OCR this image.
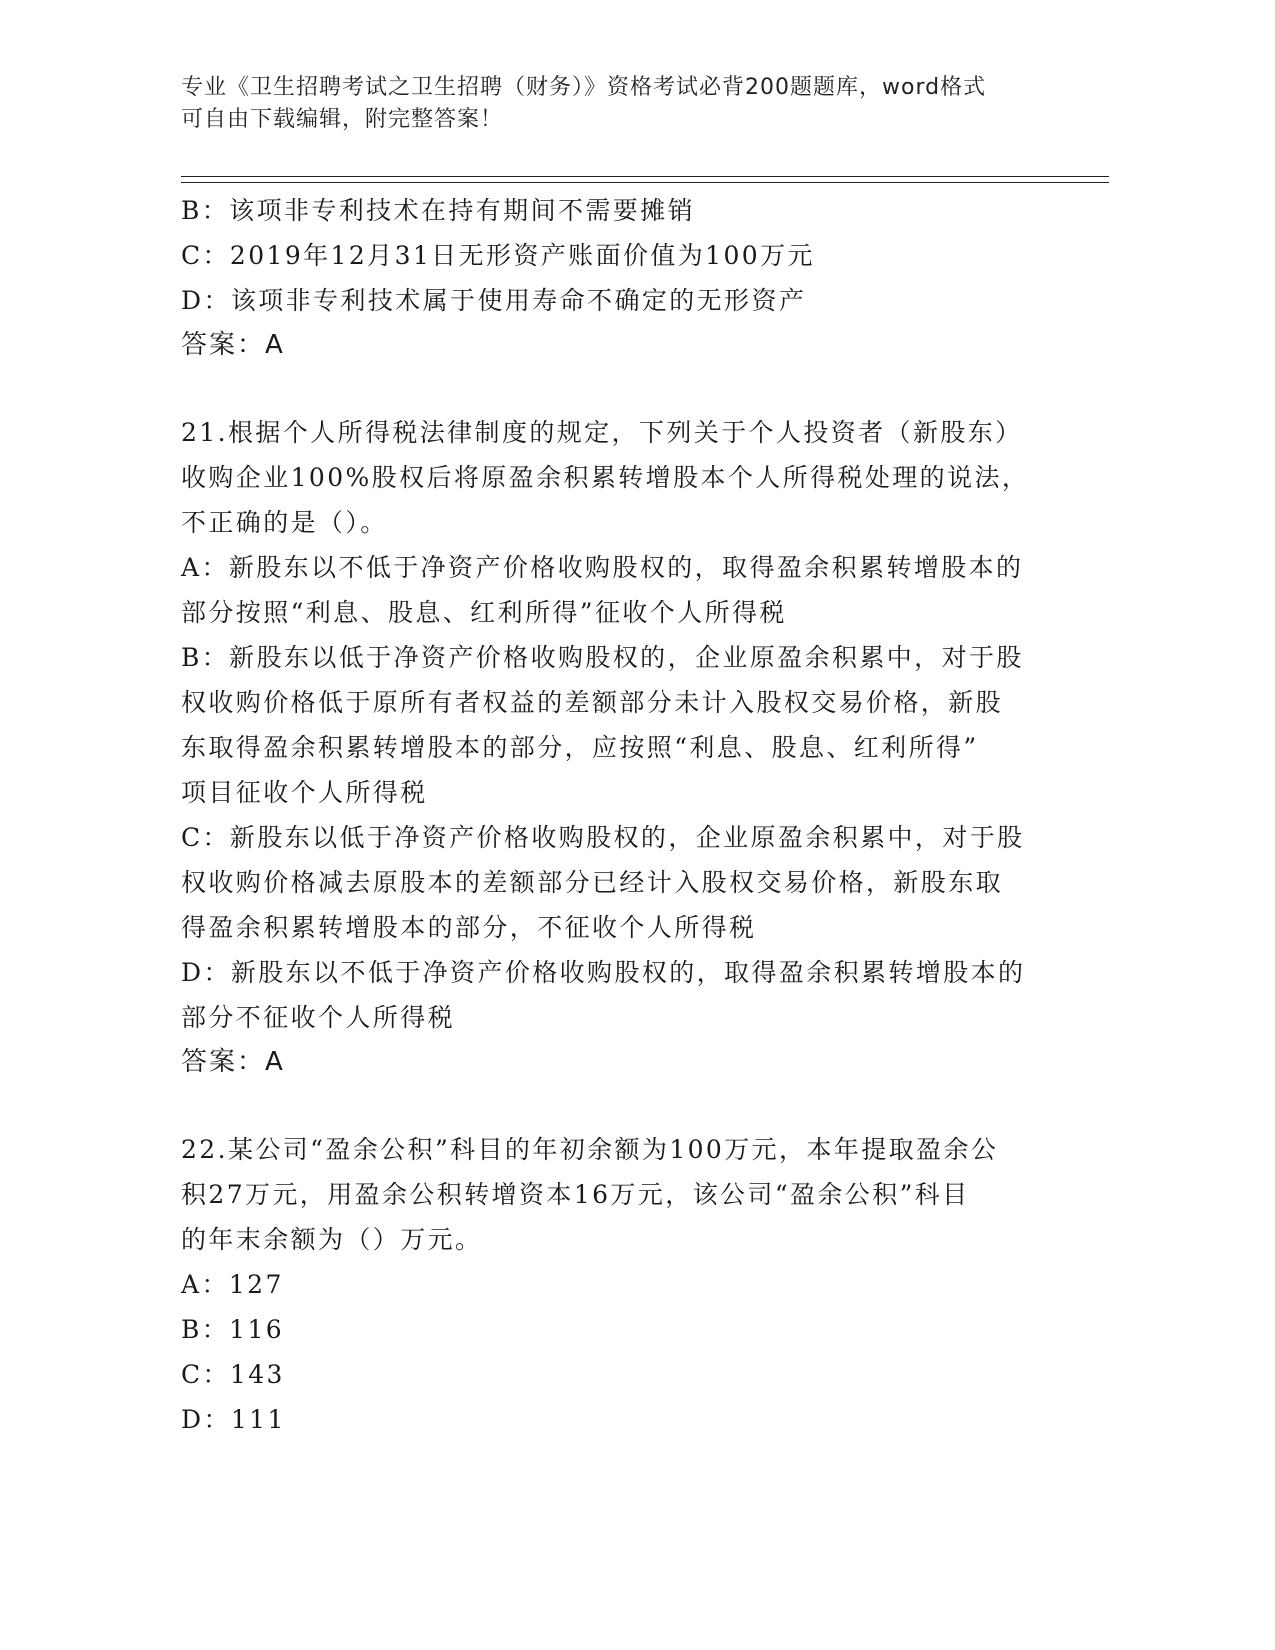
专业《卫生招聘考试之卫生招聘（财务）》资格考试必背200题题库，word格式
可自由下载编辑，附完整答案！
B：该项非专利技术在持有期间不需要摊销
C：2019年12月31日无形资产账面价值为100万元
D：该项非专利技术属于使用寿命不确定的无形资产
答案：A
21.根据个人所得税法律制度的规定，下列关于个人投资者（新股东）
收购企业100%股权后将原盈余积累转增股本个人所得税处理的说法，
不正确的是（）。
A：新股东以不低于净资产价格收购股权的，取得盈余积累转增股本的
部分按照“利息、股息、红利所得”征收个人所得税
B：新股东以低于净资产价格收购股权的，企业原盈余积累中，对于股
权收购价格低于原所有者权益的差额部分未计入股权交易价格，新股
东取得盈余积累转增股本的部分，应按照“利息、股息、红利所得”
项目征收个人所得税
C：新股东以低于净资产价格收购股权的，企业原盈余积累中，对于股
权收购价格减去原股本的差额部分已经计入股权交易价格，新股东取
得盈余积累转增股本的部分，不征收个人所得税
D：新股东以不低于净资产价格收购股权的，取得盈余积累转增股本的
部分不征收个人所得税
答案：A
22.某公司“盈余公积”科目的年初余额为100万元，本年提取盈余公
积27万元，用盈余公积转增资本16万元，该公司“盈余公积”科目
的年末余额为（）万元。
A：127
B：116
C：143
D：111
